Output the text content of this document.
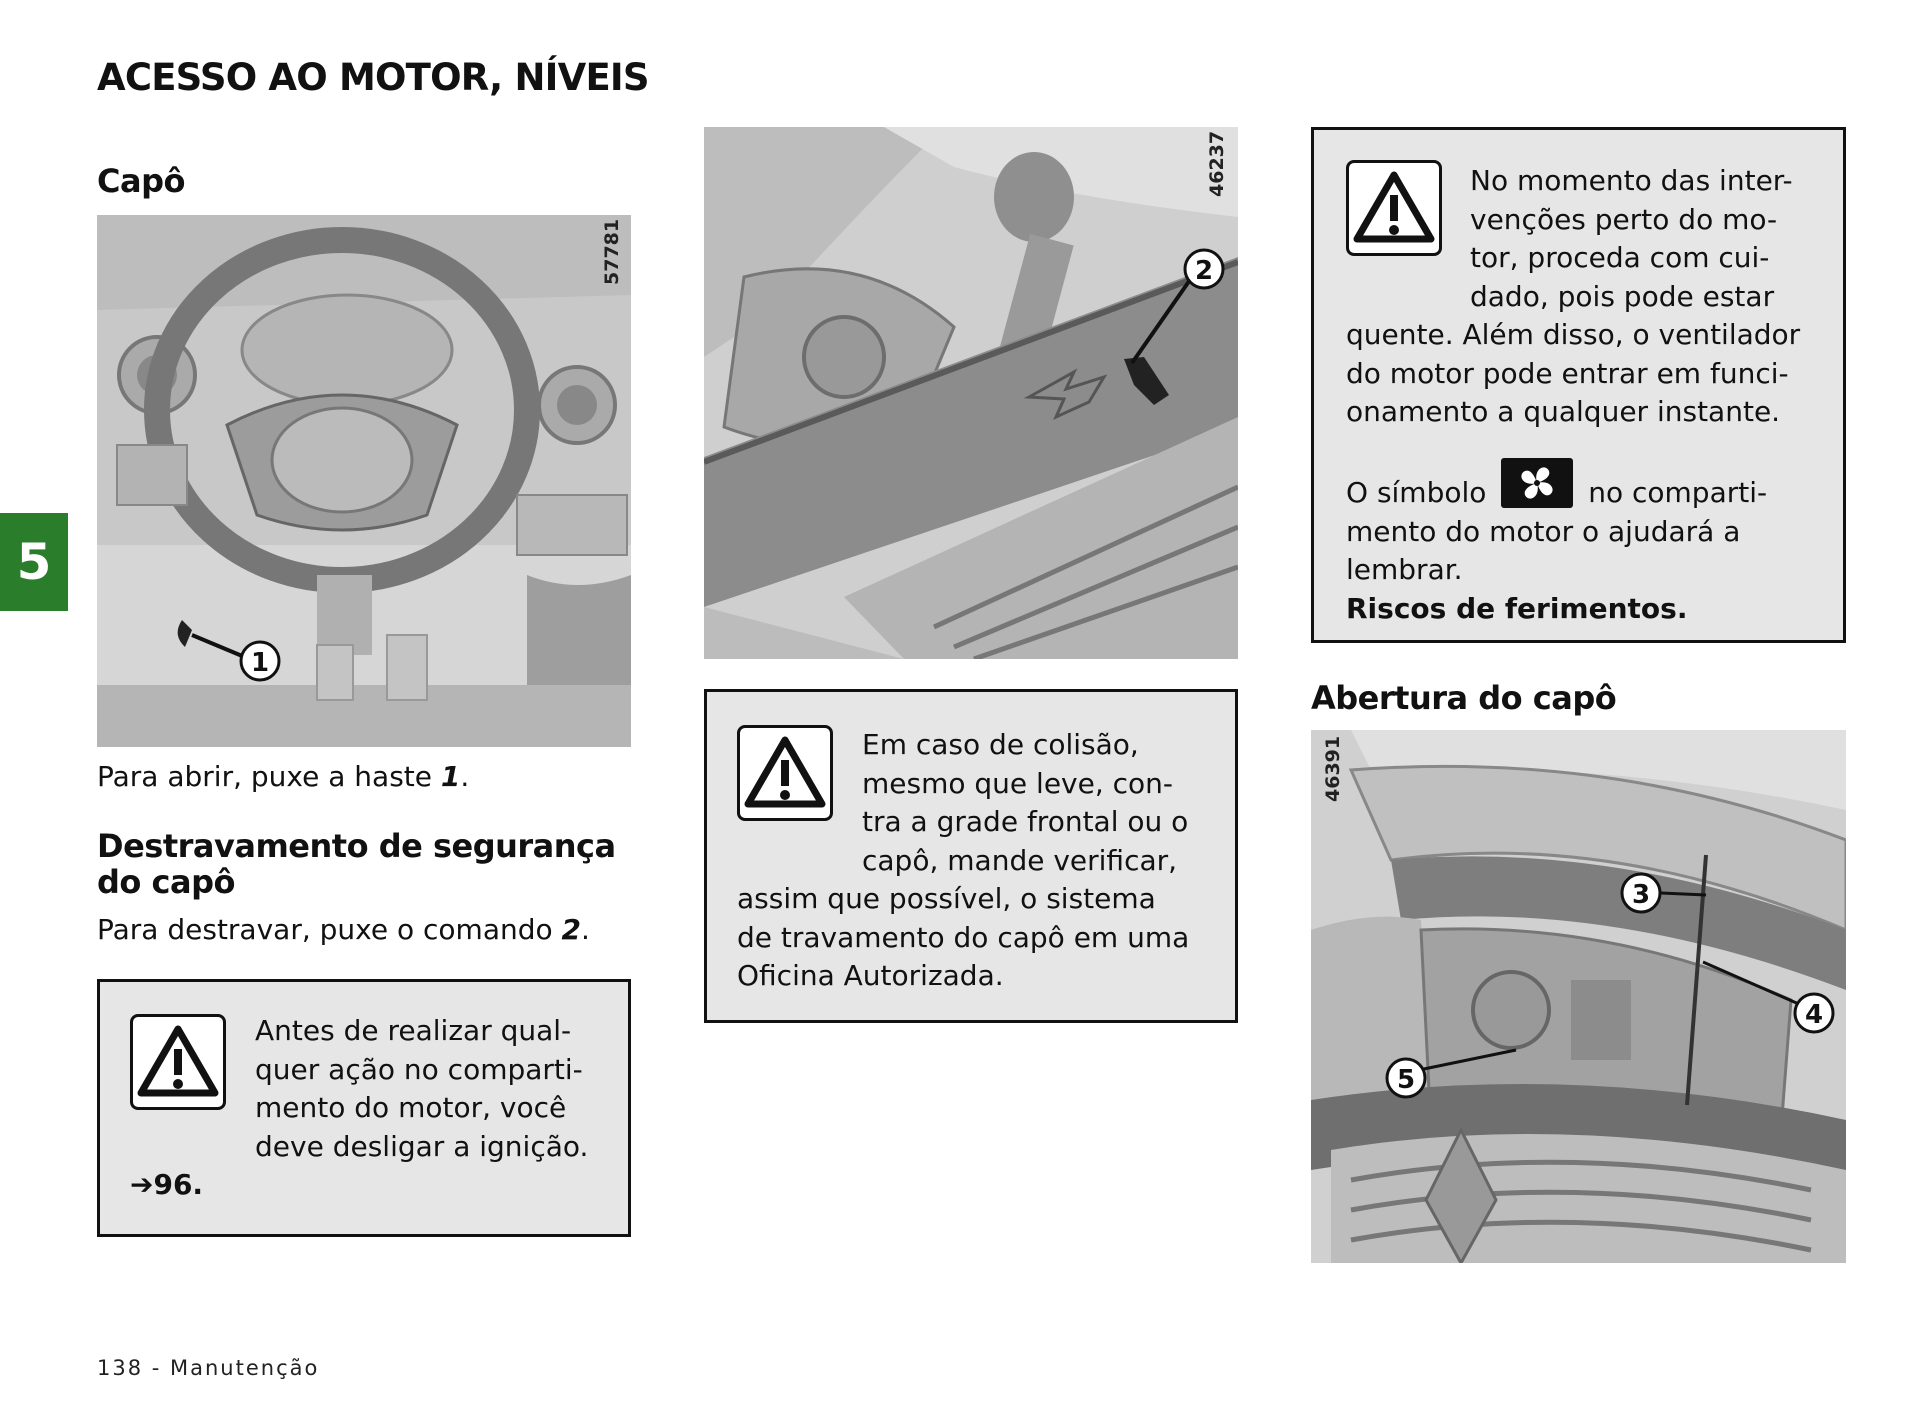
ACESSO AO MOTOR, NÍVEIS
5
Capô
1
57781

Para abrir, puxe a haste 1.

Destravamento de segurança do capô

Para destravar, puxe o comando 2.

Antes de realizar qual-
quer ação no comparti-
mento do motor, você
deve desligar a ignição.

➔96.

2
46237

Em caso de colisão,
mesmo que leve, con-
tra a grade frontal ou o
capô, mande verificar,

assim que possível, o sistema
de travamento do capô em uma
Oficina Autorizada.

No momento das inter-
venções perto do mo-
tor, proceda com cui-
dado, pois pode estar

quente. Além disso, o ventilador
do motor pode entrar em funci-
onamento a qualquer instante.

O símbolo	no comparti-
mento do motor o ajudará a
lembrar.
Riscos de ferimentos.

Abertura do capô
3
4
5
46391

138 - Manutenção
